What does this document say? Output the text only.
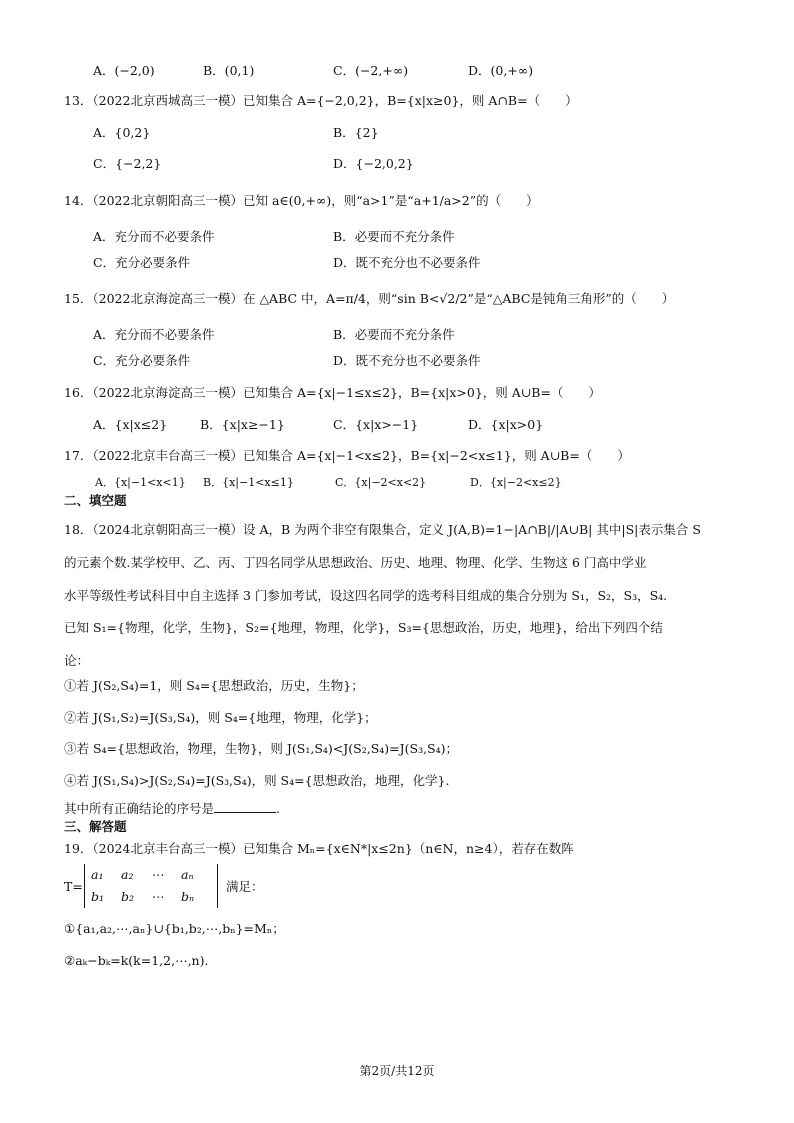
A．(−2,0)	B．(0,1)	C．(−2,+∞)	D．(0,+∞)
13．（2022北京西城高三一模）已知集合 A={−2,0,2}，B={x|x≥0}，则 A∩B=（　　）
A．{0,2}	B．{2}
C．{−2,2}	D．{−2,0,2}
14．（2022北京朝阳高三一模）已知 a∈(0,+∞)，则“a>1”是“a+1/a>2”的（　　）
A．充分而不必要条件	B．必要而不充分条件
C．充分必要条件	D．既不充分也不必要条件
15．（2022北京海淀高三一模）在 △ABC 中，A=π/4，则“sin B<√2/2”是“△ABC是钝角三角形”的（　　）
A．充分而不必要条件	B．必要而不充分条件
C．充分必要条件	D．既不充分也不必要条件
16．（2022北京海淀高三一模）已知集合 A={x|−1≤x≤2}，B={x|x>0}，则 A∪B=（　　）
A．{x|x≤2}	B．{x|x≥−1}	C．{x|x>−1}	D．{x|x>0}
17．（2022北京丰台高三一模）已知集合 A={x|−1<x≤2}，B={x|−2<x≤1}，则 A∪B=（　　）
A．{x|−1<x<1} B．{x|−1<x≤1}	C．{x|−2<x<2}	D．{x|−2<x≤2}
二、填空题
18．（2024北京朝阳高三一模）设 A，B 为两个非空有限集合，定义 J(A,B)=1−|A∩B|/|A∪B| 其中|S|表示集合 S
的元素个数.某学校甲、乙、丙、丁四名同学从思想政治、历史、地理、物理、化学、生物这 6 门高中学业
水平等级性考试科目中自主选择 3 门参加考试，设这四名同学的选考科目组成的集合分别为 S₁，S₂，S₃，S₄.
已知 S₁={物理，化学，生物}，S₂={地理，物理，化学}，S₃={思想政治，历史，地理}，给出下列四个结
论：
①若 J(S₂,S₄)=1，则 S₄={思想政治，历史，生物}；
②若 J(S₁,S₂)=J(S₃,S₄)，则 S₄={地理，物理，化学}；
③若 S₄={思想政治，物理，生物}，则 J(S₁,S₄)<J(S₂,S₄)=J(S₃,S₄)；
④若 J(S₁,S₄)>J(S₂,S₄)=J(S₃,S₄)，则 S₄={思想政治，地理，化学}.
其中所有正确结论的序号是	.
三、解答题
19．（2024北京丰台高三一模）已知集合 Mₙ={x∈N*|x≤2n}（n∈N，n≥4），若存在数阵
T=
a₁ a₂ ⋯ aₙ
b₁ b₂ ⋯ bₙ
满足：
①{a₁,a₂,⋯,aₙ}∪{b₁,b₂,⋯,bₙ}=Mₙ；
②aₖ−bₖ=k(k=1,2,⋯,n).
第2页/共12页
